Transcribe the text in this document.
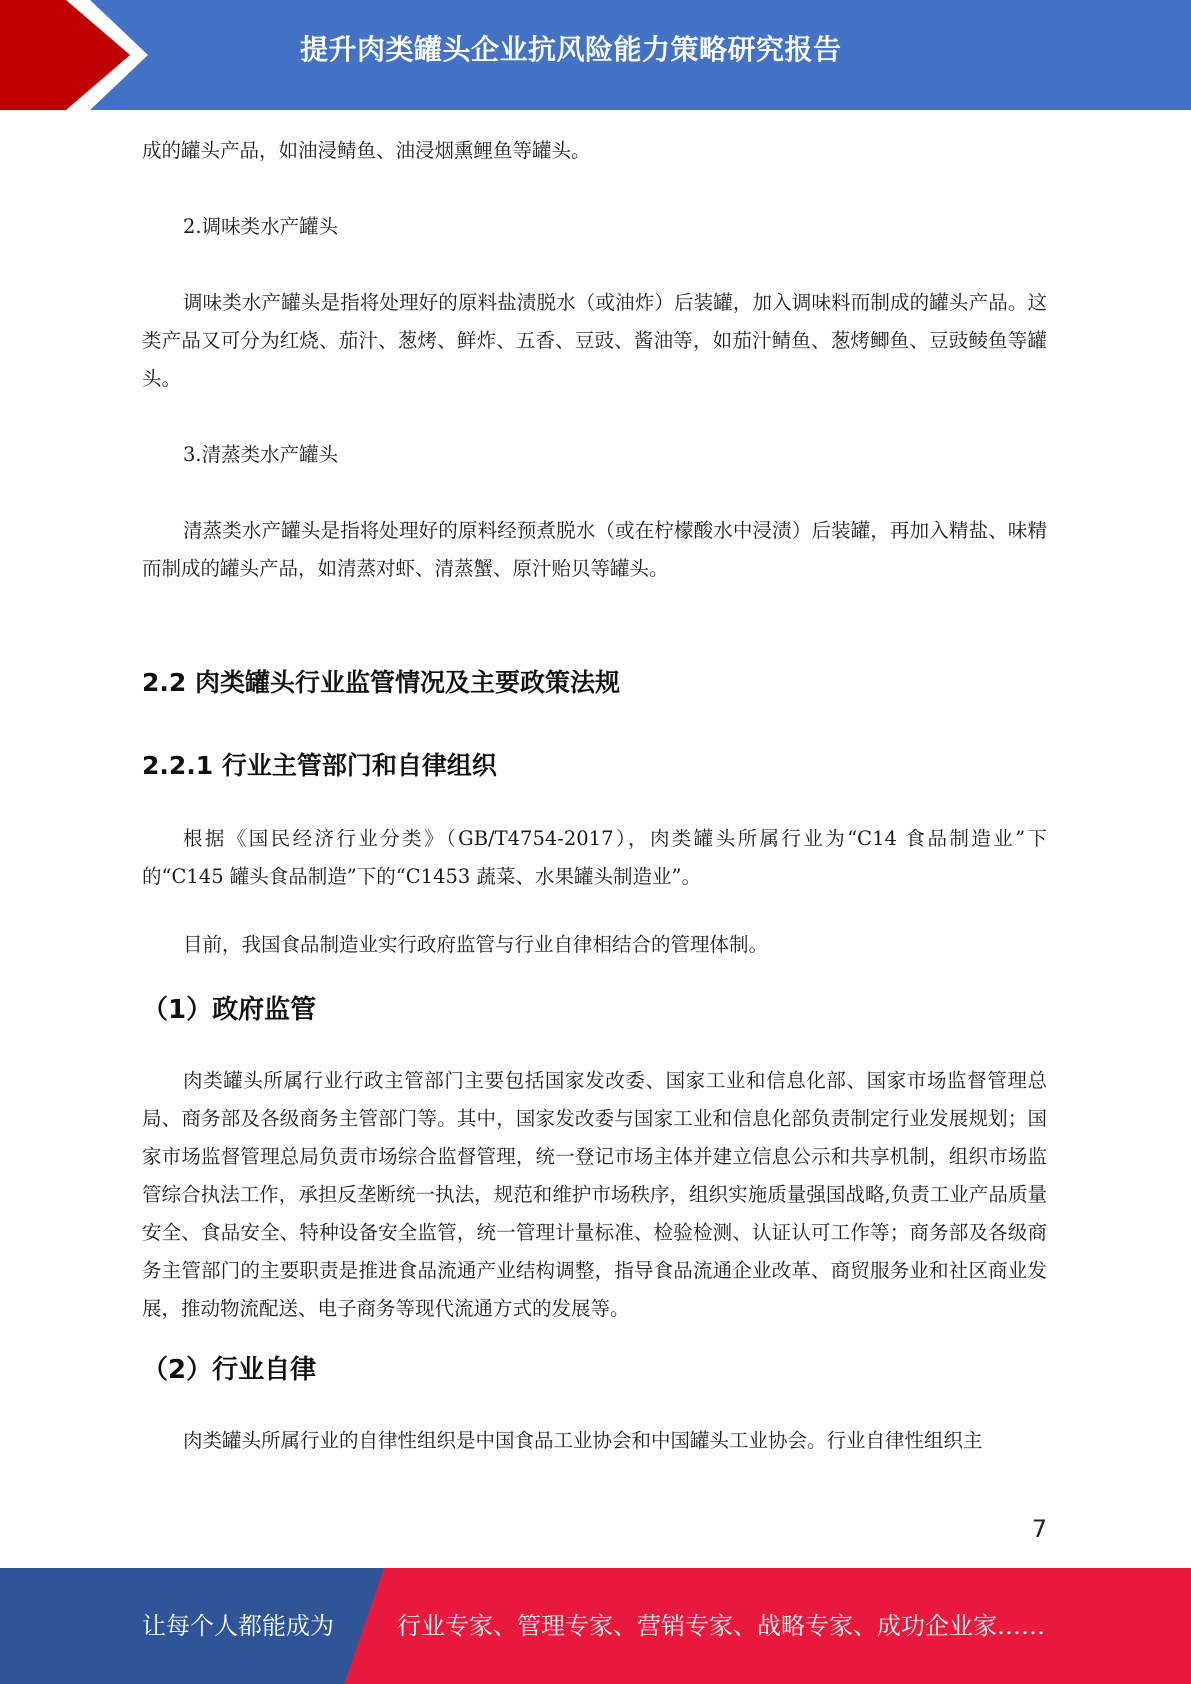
提升肉类罐头企业抗风险能力策略研究报告

成的罐头产品，如油浸鲭鱼、油浸烟熏鲤鱼等罐头。

2.调味类水产罐头

调味类水产罐头是指将处理好的原料盐渍脱水（或油炸）后装罐，加入调味料而制成的罐头产品。这类产品又可分为红烧、茄汁、葱烤、鲜炸、五香、豆豉、酱油等，如茄汁鲭鱼、葱烤鲫鱼、豆豉鲮鱼等罐头。

3.清蒸类水产罐头

清蒸类水产罐头是指将处理好的原料经预煮脱水（或在柠檬酸水中浸渍）后装罐，再加入精盐、味精而制成的罐头产品，如清蒸对虾、清蒸蟹、原汁贻贝等罐头。

2.2 肉类罐头行业监管情况及主要政策法规
2.2.1 行业主管部门和自律组织

根据《国民经济行业分类》（GB/T4754-2017），肉类罐头所属行业为“C14 食品制造业”下的“C145 罐头食品制造”下的“C1453 蔬菜、水果罐头制造业”。

目前，我国食品制造业实行政府监管与行业自律相结合的管理体制。

（1）政府监管

肉类罐头所属行业行政主管部门主要包括国家发改委、国家工业和信息化部、国家市场监督管理总局、商务部及各级商务主管部门等。其中，国家发改委与国家工业和信息化部负责制定行业发展规划；国家市场监督管理总局负责市场综合监督管理，统一登记市场主体并建立信息公示和共享机制，组织市场监管综合执法工作，承担反垄断统一执法，规范和维护市场秩序，组织实施质量强国战略,负责工业产品质量安全、食品安全、特种设备安全监管，统一管理计量标准、检验检测、认证认可工作等；商务部及各级商务主管部门的主要职责是推进食品流通产业结构调整，指导食品流通企业改革、商贸服务业和社区商业发展，推动物流配送、电子商务等现代流通方式的发展等。

（2）行业自律

肉类罐头所属行业的自律性组织是中国食品工业协会和中国罐头工业协会。行业自律性组织主

7
让每个人都能成为	行业专家、管理专家、营销专家、战略专家、成功企业家……
